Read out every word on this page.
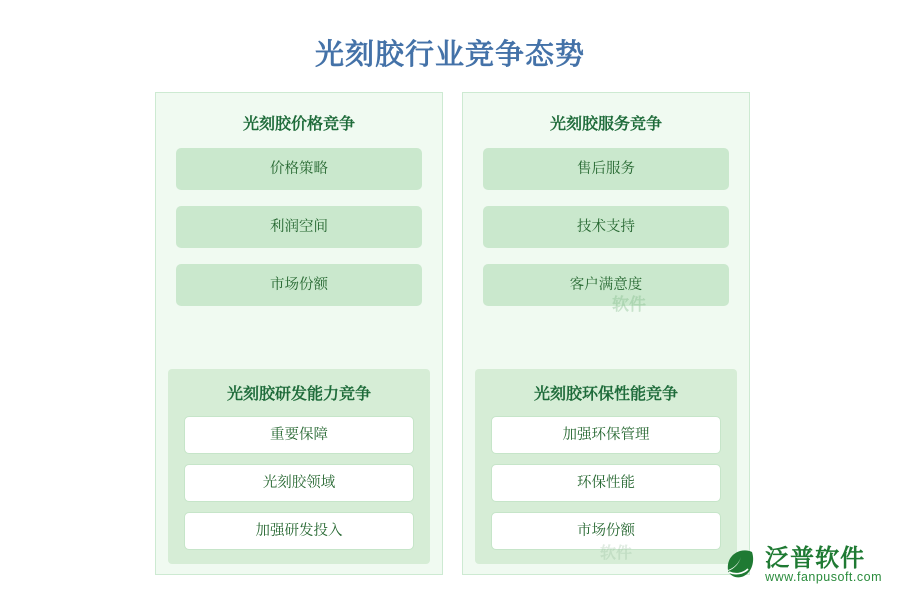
光刻胶行业竞争态势
光刻胶价格竞争
价格策略
利润空间
市场份额
光刻胶研发能力竞争
重要保障
光刻胶领域
加强研发投入
光刻胶服务竞争
售后服务
技术支持
客户满意度
光刻胶环保性能竞争
加强环保管理
环保性能
市场份额
软件
软件	泛普软件
www.fanpusoft.com
